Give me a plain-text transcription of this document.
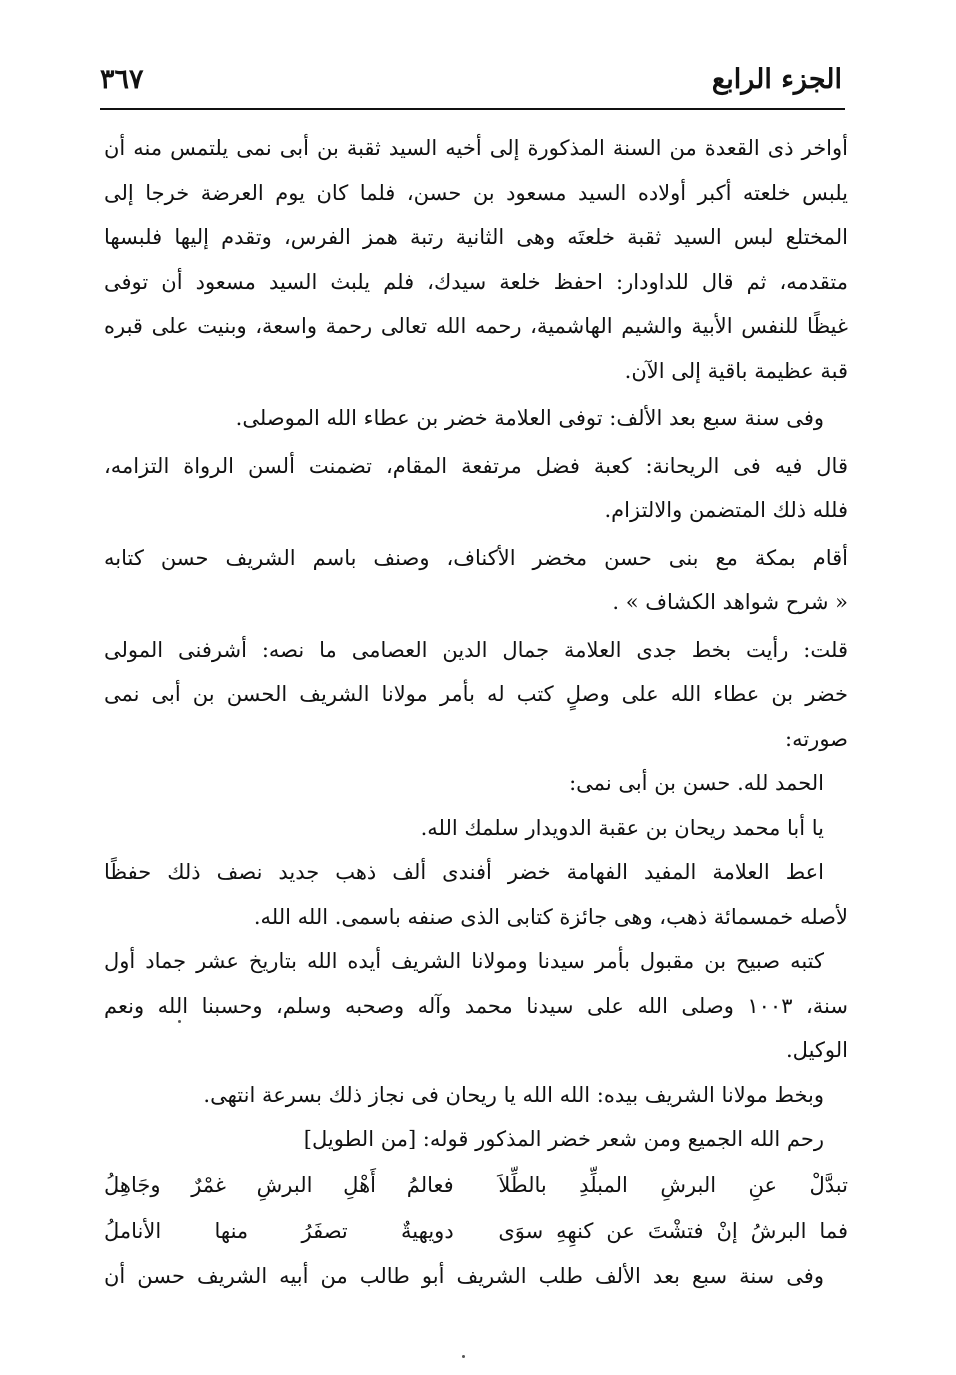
الجزء الرابع
٣٦٧
أواخر ذى القعدة من السنة المذكورة إلى أخيه السيد ثقبة بن أبى نمى يلتمس منه أن
يلبس خلعته أكبر أولاده السيد مسعود بن حسن، فلما كان يوم العرضة خرجا إلى
المختلع لبس السيد ثقبة خلعتَه وهى الثانية رتبة همز الفرس، وتقدم إليها فلبسها
متقدمه، ثم قال للداودار: احفظ خلعة سيدك، فلم يلبث السيد مسعود أن توفى
غيظًا للنفس الأبية والشيم الهاشمية، رحمه الله تعالى رحمة واسعة، وبنيت على قبره
قبة عظيمة باقية إلى الآن.
وفى سنة سبع بعد الألف: توفى العلامة خضر بن عطاء الله الموصلى.
قال فيه فى الريحانة: كعبة فضل مرتفعة المقام، تضمنت ألسن الرواة التزامه،
فلله ذلك المتضمن والالتزام.
أقام بمكة مع بنى حسن مخضر الأكناف، وصنف باسم الشريف حسن كتابه
« شرح شواهد الكشاف » .
قلت: رأيت بخط جدى العلامة جمال الدين العصامى ما نصه: أشرفنى المولى
خضر بن عطاء الله على وصلٍ كتب له بأمر مولانا الشريف الحسن بن أبى نمى
صورته:
الحمد لله. حسن بن أبى نمى:
يا أبا محمد ريحان بن عقبة الدويدار سلمك الله.
اعط العلامة المفيد الفهامة خضر أفندى ألف ذهب جديد نصف ذلك حفظًا
لأصله خمسمائة ذهب، وهى جائزة كتابى الذى صنفه باسمى. الله الله.
كتبه صبيح بن مقبول بأمر سيدنا ومولانا الشريف أيده الله بتاريخ عشر جماد أول
سنة، ١٠٠٣ وصلى الله على سيدنا محمد وآله وصحبه وسلم، وحسبنا الله ونعم
الوكيل.
وبخط مولانا الشريف بيده: الله الله يا ريحان فى نجاز ذلك بسرعة انتهى.
رحم الله الجميع ومن شعر خضر المذكور قوله: [من الطويل]
تبدَّلْ عنِ البرشِ المبلِّدِ بالطِّلاَ
فعالمُ أَهْلِ البرشِ غمْرٌ وجَاهِلُ
فما البرشُ إنْ فتشْتَ عن كنهِهِ سوَى
دويهيةٌ تصفَرُ منها الأناملُ
وفى سنة سبع بعد الألف طلب الشريف أبو طالب من أبيه الشريف حسن أن
